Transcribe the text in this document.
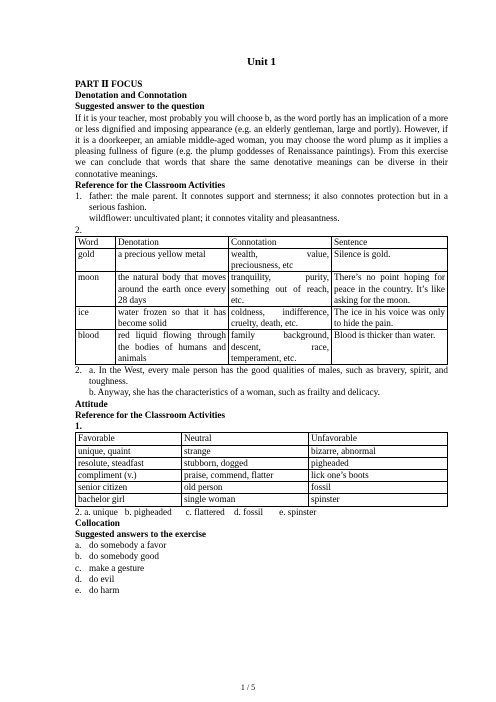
Unit 1

PART Ⅱ FOCUS

Denotation and Connotation

Suggested answer to the question

If it is your teacher, most probably you will choose b, as the word portly has an implication of a more or less dignified and imposing appearance (e.g. an elderly gentleman, large and portly). However, if it is a doorkeeper, an amiable middle-aged woman, you may choose the word plump as it implies a pleasing fullness of figure (e.g. the plump goddesses of Renaissance paintings). From this exercise we can conclude that words that share the same denotative meanings can be diverse in their connotative meanings.

Reference for the Classroom Activities

1. father: the male parent. It connotes support and sternness; it also connotes protection but in a serious fashion.

wildflower: uncultivated plant; it connotes vitality and pleasantness.

2.

Word	Denotation	Connotation	Sentence
gold	a precious yellow metal	wealth, value, preciousness, etc	Silence is gold.
moon	the natural body that moves around the earth once every 28 days	tranquility, purity, something out of reach, etc.	There’s no point hoping for peace in the country. It’s like asking for the moon.
ice	water frozen so that it has become solid	coldness, indifference, cruelty, death, etc.	The ice in his voice was only to hide the pain.
blood	red liquid flowing through the bodies of humans and animals	family background, descent, race, temperament, etc.	Blood is thicker than water.
2. a. In the West, every male person has the good qualities of males, such as bravery, spirit, and toughness.

b. Anyway, she has the characteristics of a woman, such as frailty and delicacy.

Attitude

Reference for the Classroom Activities

1.

Favorable	Neutral	Unfavorable
unique, quaint	strange	bizarre, abnormal
resolute, steadfast	stubborn, dogged	pigheaded
compliment (v.)	praise, commend, flatter	lick one’s boots
senior citizen	old person	fossil
bachelor girl	single woman	spinster

2. a. unique   b. pigheaded      c. flattered    d. fossil       e. spinster

Collocation

Suggested answers to the exercise

a. do somebody a favor
b. do somebody good
c. make a gesture
d. do evil
e. do harm
1 / 5
